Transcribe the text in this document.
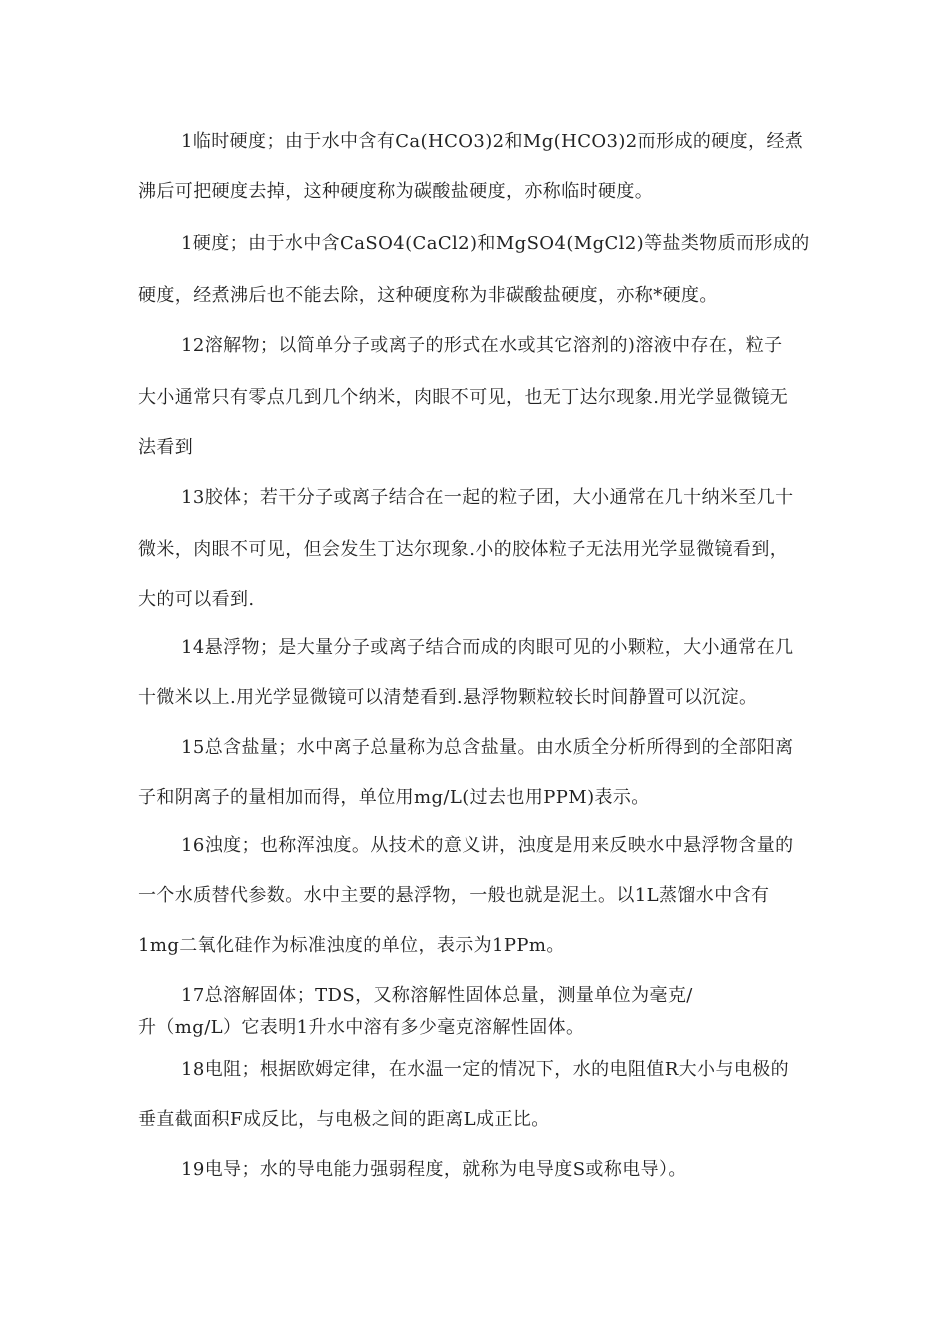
1临时硬度；由于水中含有Ca(HCO3)2和Mg(HCO3)2而形成的硬度，经煮
沸后可把硬度去掉，这种硬度称为碳酸盐硬度，亦称临时硬度。
1硬度；由于水中含CaSO4(CaCl2)和MgSO4(MgCl2)等盐类物质而形成的
硬度，经煮沸后也不能去除，这种硬度称为非碳酸盐硬度，亦称*硬度。
12溶解物；以简单分子或离子的形式在水或其它溶剂的)溶液中存在，粒子
大小通常只有零点几到几个纳米，肉眼不可见，也无丁达尔现象.用光学显微镜无
法看到
13胶体；若干分子或离子结合在一起的粒子团，大小通常在几十纳米至几十
微米，肉眼不可见，但会发生丁达尔现象.小的胶体粒子无法用光学显微镜看到，
大的可以看到.
14悬浮物；是大量分子或离子结合而成的肉眼可见的小颗粒，大小通常在几
十微米以上.用光学显微镜可以清楚看到.悬浮物颗粒较长时间静置可以沉淀。
15总含盐量；水中离子总量称为总含盐量。由水质全分析所得到的全部阳离
子和阴离子的量相加而得，单位用mg/L(过去也用PPM)表示。
16浊度；也称浑浊度。从技术的意义讲，浊度是用来反映水中悬浮物含量的
一个水质替代参数。水中主要的悬浮物，一般也就是泥土。以1L蒸馏水中含有
1mg二氧化硅作为标准浊度的单位，表示为1PPm。
17总溶解固体；TDS，又称溶解性固体总量，测量单位为毫克/
升（mg/L）它表明1升水中溶有多少毫克溶解性固体。
18电阻；根据欧姆定律，在水温一定的情况下，水的电阻值R大小与电极的
垂直截面积F成反比，与电极之间的距离L成正比。
19电导；水的导电能力强弱程度，就称为电导度S或称电导）。
